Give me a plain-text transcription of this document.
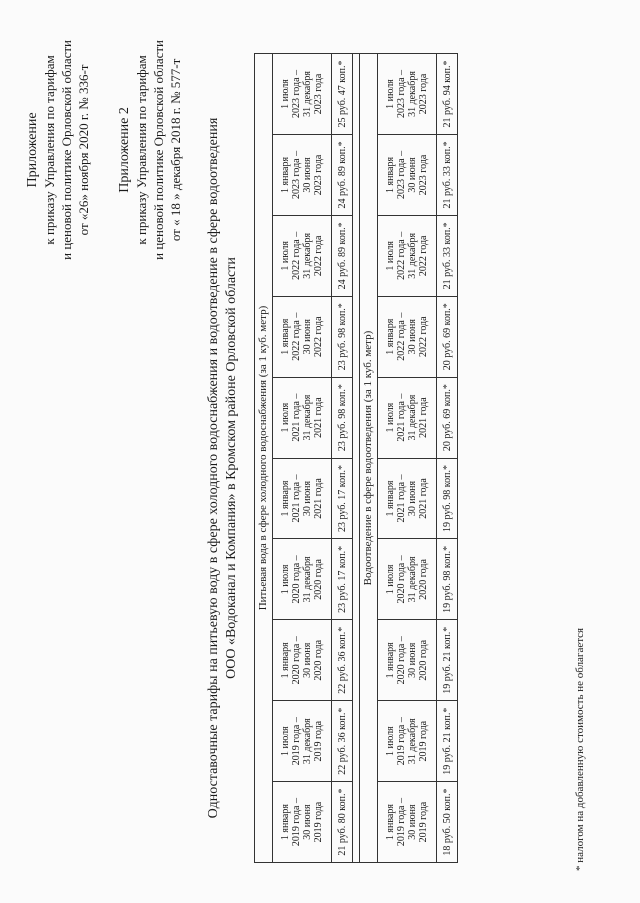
Приложение к приказу Управления по тарифам и ценовой политике Орловской области от «26» ноября 2020 г. № 336-т Приложение 2 к приказу Управления по тарифам и ценовой политике Орловской области от « 18 » декабря 2018 г. № 577-т Одноставочные тарифы на питьевую воду в сфере холодного водоснабжения и водоотведение в сфере водоотведения ООО «Водоканал и Компания» в Кромском районе Орловской области Питьевая вода в сфере холодного водоснабжения (за 1 куб. метр)									

1 января 2019 года – 30 июня 2019 года	1 июля 2019 года – 31 декабря 2019 года	1 января 2020 года – 30 июня 2020 года	1 июля 2020 года – 31 декабря 2020 года	1 января 2021 года – 30 июня 2021 года	1 июля 2021 года – 31 декабря 2021 года	1 января 2022 года – 30 июня 2022 года	1 июля 2022 года – 31 декабря 2022 года	1 января 2023 года – 30 июня 2023 года	1 июля 2023 года – 31 декабря 2023 года

21 руб. 80 коп.*	22 руб. 36 коп.*	22 руб. 36 коп.*	23 руб. 17 коп.*	23 руб. 17 коп.*	23 руб. 98 коп.*	23 руб. 98 коп.*	24 руб. 89 коп.*	24 руб. 89 коп.*	25 руб. 47 коп.*

Водоотведение в сфере водоотведения (за 1 куб. метр)									

1 января 2019 года – 30 июня 2019 года	1 июля 2019 года – 31 декабря 2019 года	1 января 2020 года – 30 июня 2020 года	1 июля 2020 года – 31 декабря 2020 года	1 января 2021 года – 30 июня 2021 года	1 июля 2021 года – 31 декабря 2021 года	1 января 2022 года – 30 июня 2022 года	1 июля 2022 года – 31 декабря 2022 года	1 января 2023 года – 30 июня 2023 года	1 июля 2023 года – 31 декабря 2023 года

18 руб. 50 коп.*	19 руб. 21 коп.*	19 руб. 21 коп.*	19 руб. 98 коп.*	19 руб. 98 коп.*	20 руб. 69 коп.*	20 руб. 69 коп.*	21 руб. 33 коп.*	21 руб. 33 коп.*	21 руб. 94 коп.*
* налогом на добавленную стоимость не облагается
